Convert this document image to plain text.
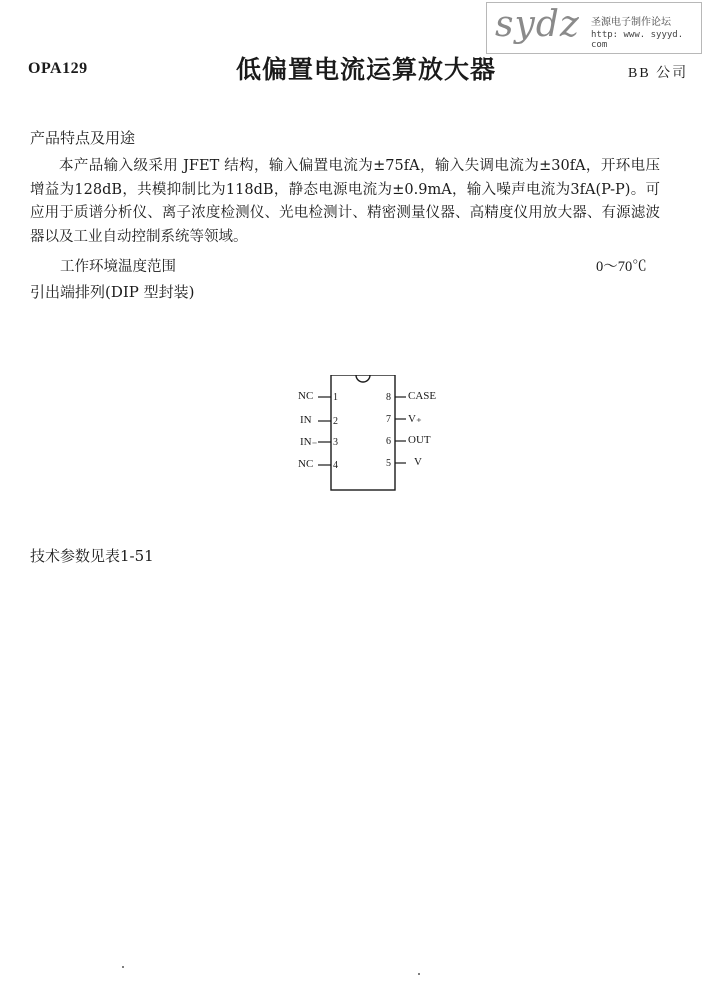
sydz 圣源电子制作论坛
http: www. syyyd. com
OPA129	低偏置电流运算放大器	BB 公司
产品特点及用途
本产品输入级采用 JFET 结构，输入偏置电流为±75fA，输入失调电流为±30fA，开环电压增益为128dB，共模抑制比为118dB，静态电源电流为±0.9mA，输入噪声电流为3fA(P-P)。可应用于质谱分析仪、离子浓度检测仪、光电检测计、精密测量仪器、高精度仪用放大器、有源滤波器以及工业自动控制系统等领域。
工作环境温度范围	0～70℃
引出端排列(DIP 型封装)
NC 1
IN 2
IN₋ 3
NC 4
8 CASE
7 V₊
6 OUT
5 V
技术参数见表1-51
